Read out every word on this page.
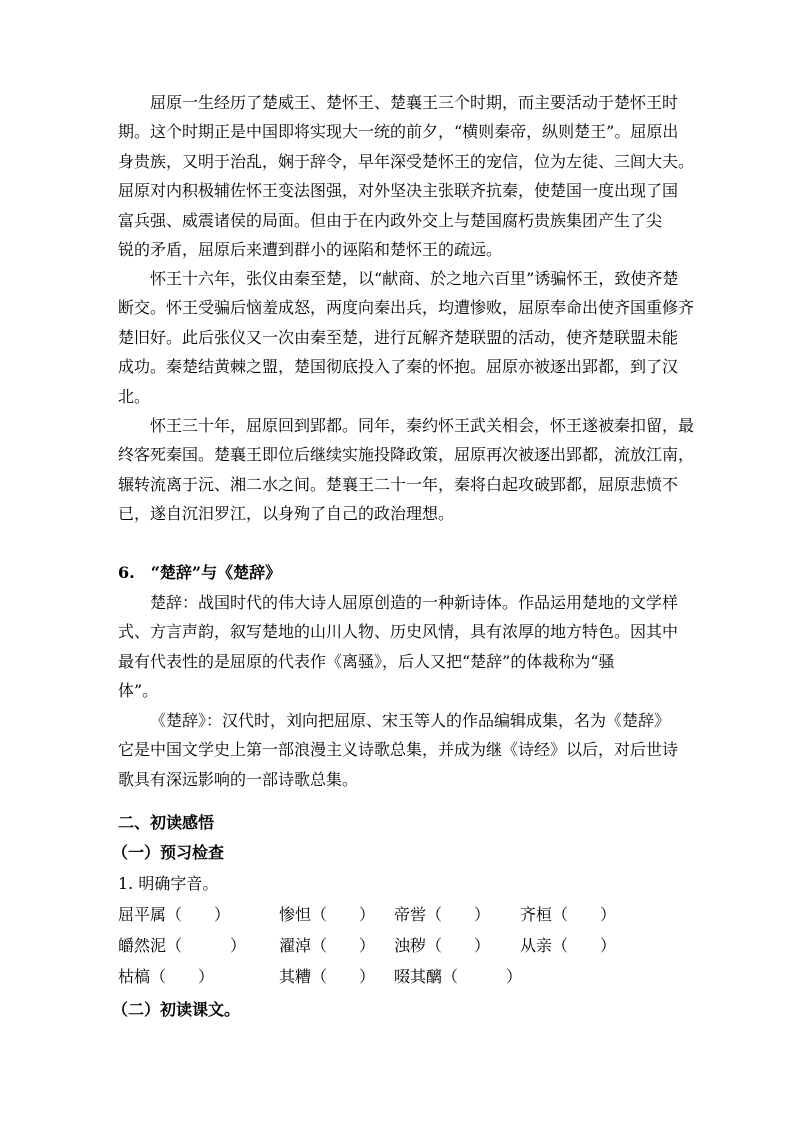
屈原一生经历了楚威王、楚怀王、楚襄王三个时期，而主要活动于楚怀王时
期。这个时期正是中国即将实现大一统的前夕，“横则秦帝，纵则楚王”。屈原出
身贵族，又明于治乱，娴于辞令，早年深受楚怀王的宠信，位为左徒、三闾大夫。
屈原对内积极辅佐怀王变法图强，对外坚决主张联齐抗秦，使楚国一度出现了国
富兵强、威震诸侯的局面。但由于在内政外交上与楚国腐朽贵族集团产生了尖
锐的矛盾，屈原后来遭到群小的诬陷和楚怀王的疏远。
怀王十六年，张仪由秦至楚，以“献商、於之地六百里”诱骗怀王，致使齐楚
断交。怀王受骗后恼羞成怒，两度向秦出兵，均遭惨败，屈原奉命出使齐国重修齐
楚旧好。此后张仪又一次由秦至楚，进行瓦解齐楚联盟的活动，使齐楚联盟未能
成功。秦楚结黄棘之盟，楚国彻底投入了秦的怀抱。屈原亦被逐出郢都，到了汉
北。
怀王三十年，屈原回到郢都。同年，秦约怀王武关相会，怀王遂被秦扣留，最
终客死秦国。楚襄王即位后继续实施投降政策，屈原再次被逐出郢都，流放江南，
辗转流离于沅、湘二水之间。楚襄王二十一年，秦将白起攻破郢都，屈原悲愤不
已，遂自沉汨罗江，以身殉了自己的政治理想。
6.　“楚辞”与《楚辞》
楚辞：战国时代的伟大诗人屈原创造的一种新诗体。作品运用楚地的文学样
式、方言声韵，叙写楚地的山川人物、历史风情，具有浓厚的地方特色。因其中
最有代表性的是屈原的代表作《离骚》，后人又把“楚辞”的体裁称为“骚
体”。
《楚辞》：汉代时，刘向把屈原、宋玉等人的作品编辑成集，名为《楚辞》
它是中国文学史上第一部浪漫主义诗歌总集，并成为继《诗经》以后，对后世诗
歌具有深远影响的一部诗歌总集。
二、初读感悟
（一）预习检查
1. 明确字音。
屈平属（　　）	惨怛（　　） 帝喾（　　） 齐桓（　　）
皭然泥（　　　） 濯淖（　　） 浊秽（　　） 从亲（　　）
枯槁（　　）	其糟（　　） 啜其醨（　　　）
（二）初读课文。
